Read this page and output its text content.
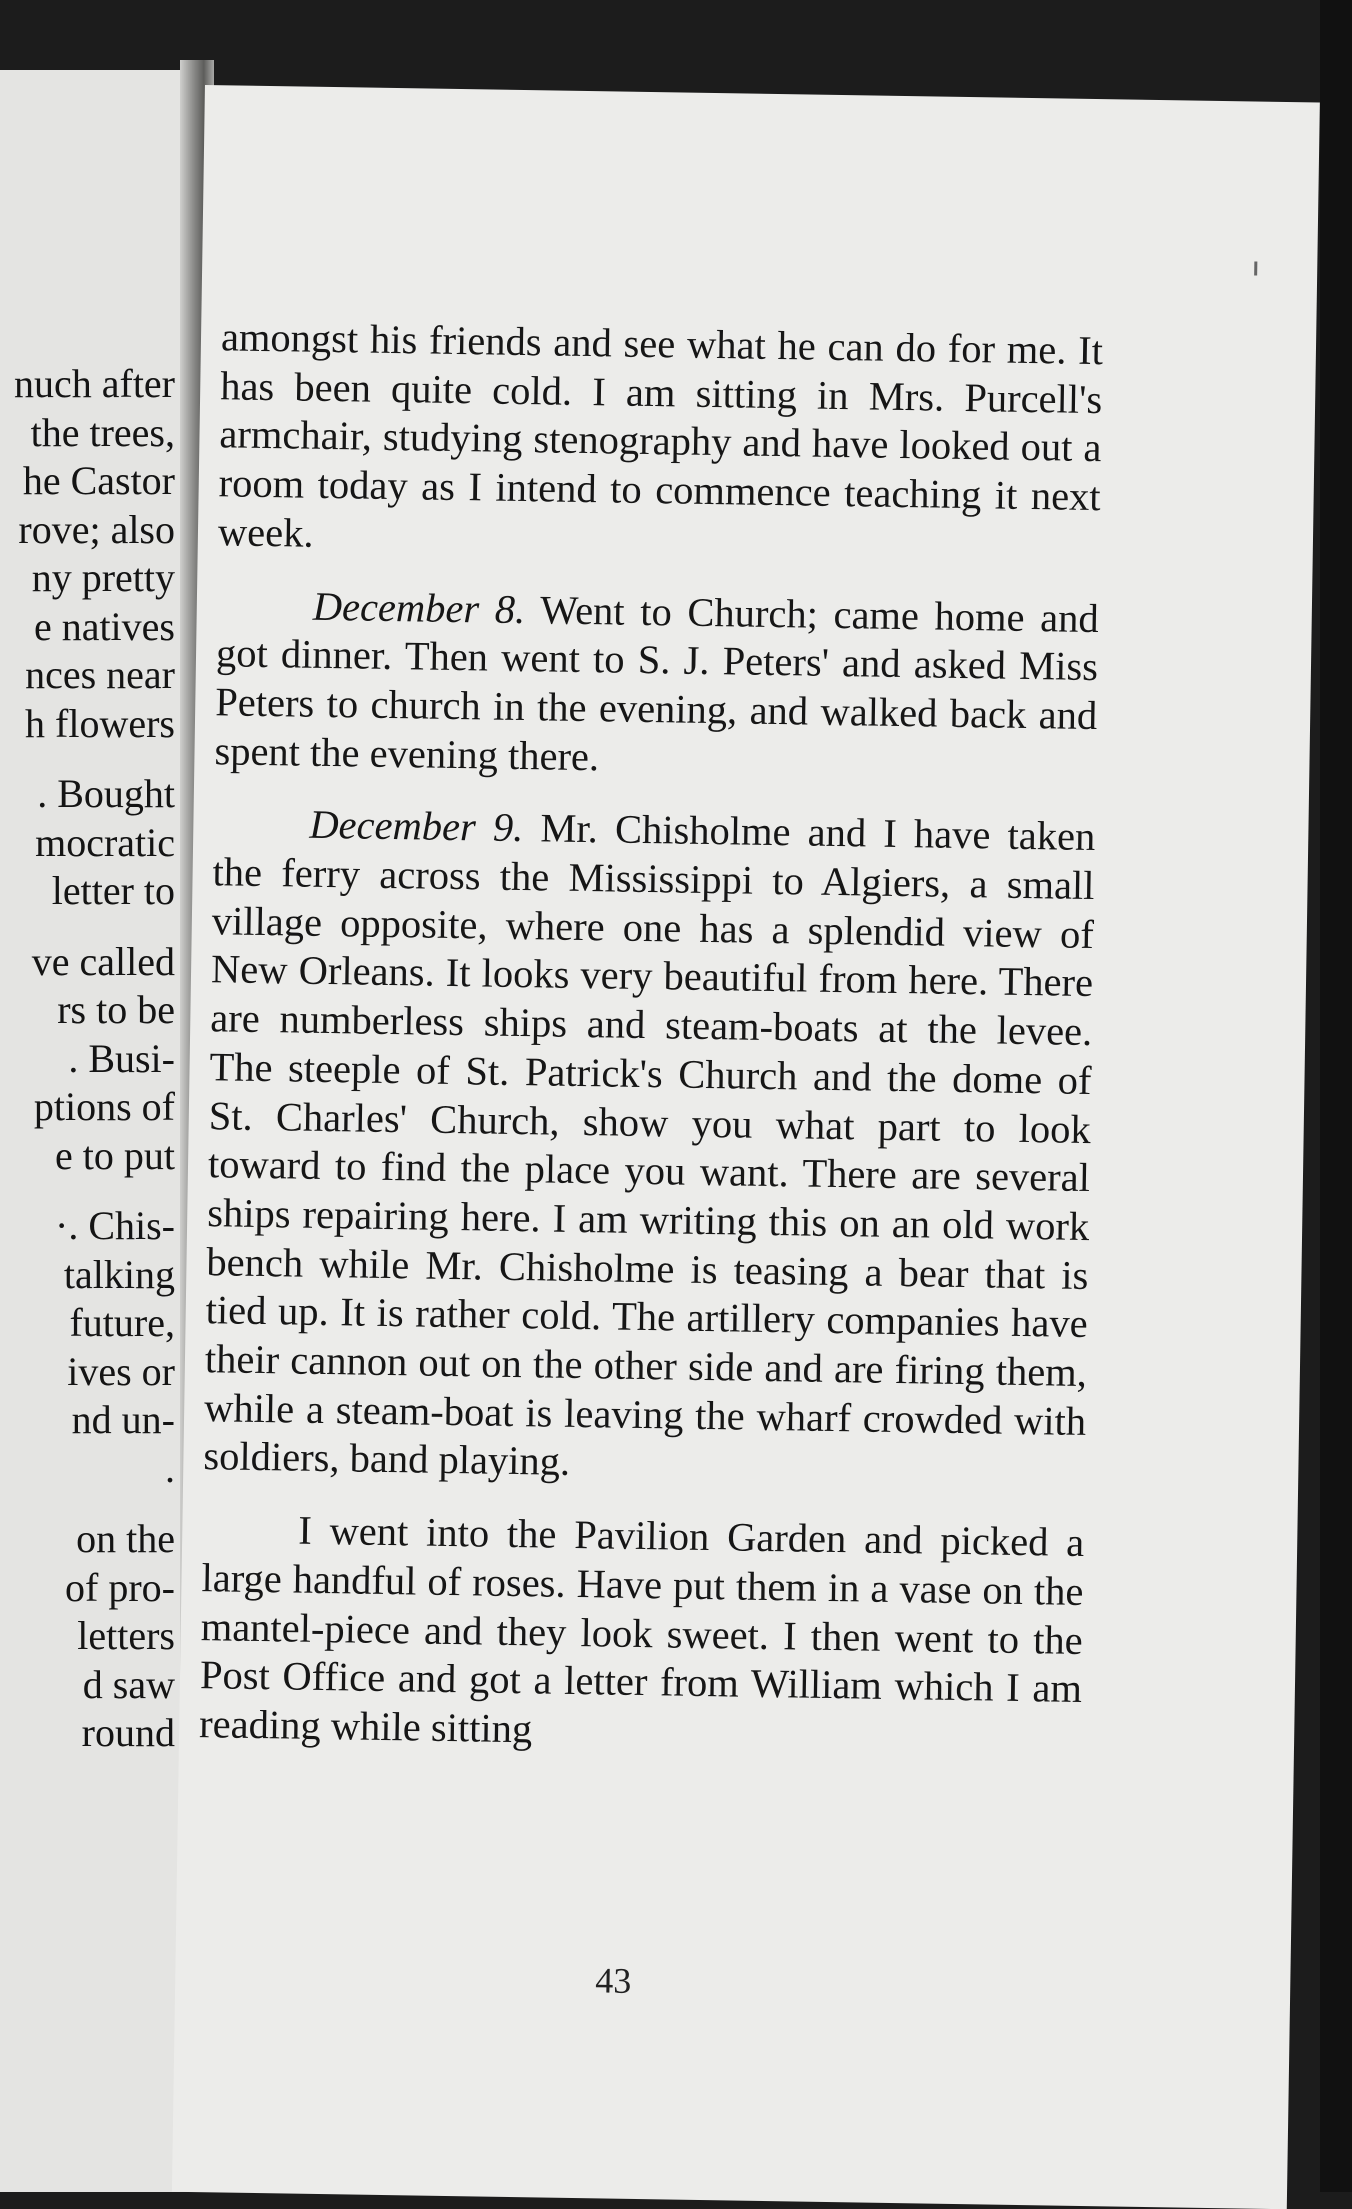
nuch after
the trees,
he Castor
rove; also
ny pretty
e natives
nces near
h flowers

. Bought
mocratic
letter to

ve called
rs to be
. Busi-
ptions of
e to put

·. Chis-
talking
future,
ives or
nd un-
.

on the
of pro-
letters
d saw
round

amongst his friends and see what he can do for me. It has been quite cold. I am sitting in Mrs. Purcell's armchair, studying stenography and have looked out a room today as I intend to commence teaching it next week.

December 8. Went to Church; came home and got dinner. Then went to S. J. Peters' and asked Miss Peters to church in the evening, and walked back and spent the evening there.

December 9. Mr. Chisholme and I have taken the ferry across the Mississippi to Algiers, a small village opposite, where one has a splendid view of New Orleans. It looks very beautiful from here. There are numberless ships and steam-boats at the levee. The steeple of St. Patrick's Church and the dome of St. Charles' Church, show you what part to look toward to find the place you want. There are several ships repairing here. I am writing this on an old work bench while Mr. Chisholme is teasing a bear that is tied up. It is rather cold. The artillery companies have their cannon out on the other side and are firing them, while a steam-boat is leaving the wharf crowded with soldiers, band playing.

I went into the Pavilion Garden and picked a large handful of roses. Have put them in a vase on the mantel-piece and they look sweet. I then went to the Post Office and got a letter from William which I am reading while sitting

43
